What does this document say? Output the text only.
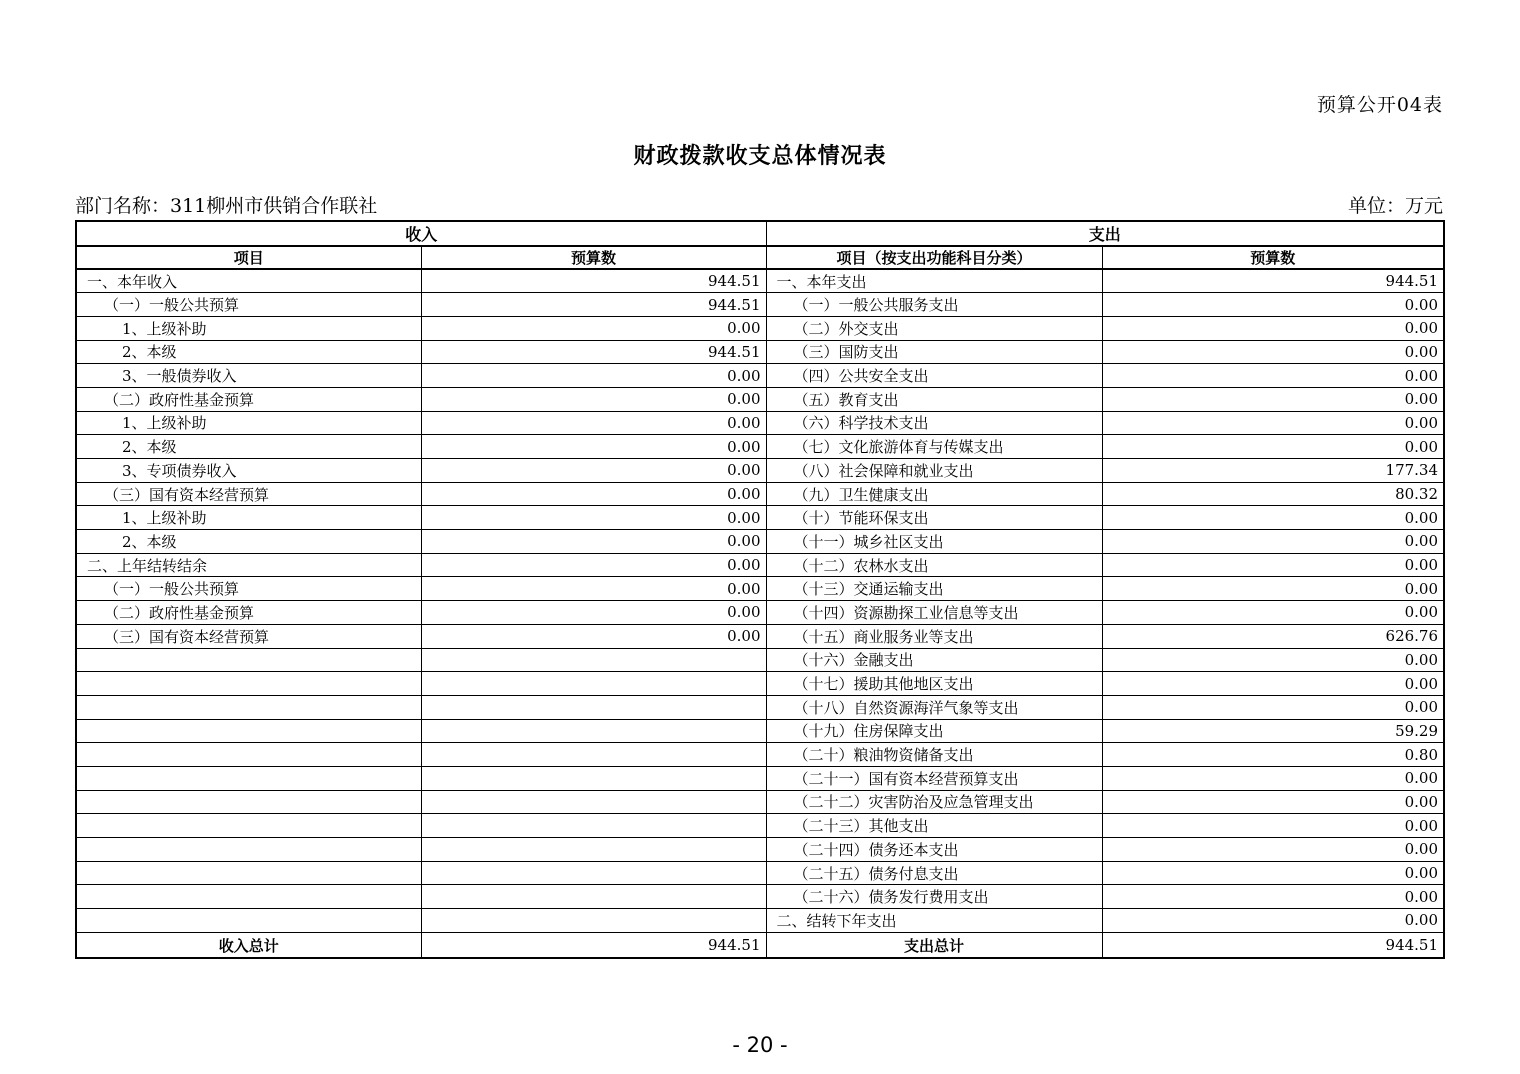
预算公开04表
财政拨款收支总体情况表
部门名称：311柳州市供销合作联社	单位：万元
收入		支出	
项目	预算数	项目（按支出功能科目分类）	预算数
一、本年收入	944.51	一、本年支出	944.51
（一）一般公共预算	944.51	（一）一般公共服务支出	0.00
1、上级补助	0.00	（二）外交支出	0.00
2、本级	944.51	（三）国防支出	0.00
3、一般债券收入	0.00	（四）公共安全支出	0.00
（二）政府性基金预算	0.00	（五）教育支出	0.00
1、上级补助	0.00	（六）科学技术支出	0.00
2、本级	0.00	（七）文化旅游体育与传媒支出	0.00
3、专项债券收入	0.00	（八）社会保障和就业支出	177.34
（三）国有资本经营预算	0.00	（九）卫生健康支出	80.32
1、上级补助	0.00	（十）节能环保支出	0.00
2、本级	0.00	（十一）城乡社区支出	0.00
二、上年结转结余	0.00	（十二）农林水支出	0.00
（一）一般公共预算	0.00	（十三）交通运输支出	0.00
（二）政府性基金预算	0.00	（十四）资源勘探工业信息等支出	0.00
（三）国有资本经营预算	0.00	（十五）商业服务业等支出	626.76
		（十六）金融支出	0.00
		（十七）援助其他地区支出	0.00
		（十八）自然资源海洋气象等支出	0.00
		（十九）住房保障支出	59.29
		（二十）粮油物资储备支出	0.80
		（二十一）国有资本经营预算支出	0.00
		（二十二）灾害防治及应急管理支出	0.00
		（二十三）其他支出	0.00
		（二十四）债务还本支出	0.00
		（二十五）债务付息支出	0.00
		（二十六）债务发行费用支出	0.00
		二、结转下年支出	0.00
收入总计	944.51	支出总计	944.51
- 20 -
